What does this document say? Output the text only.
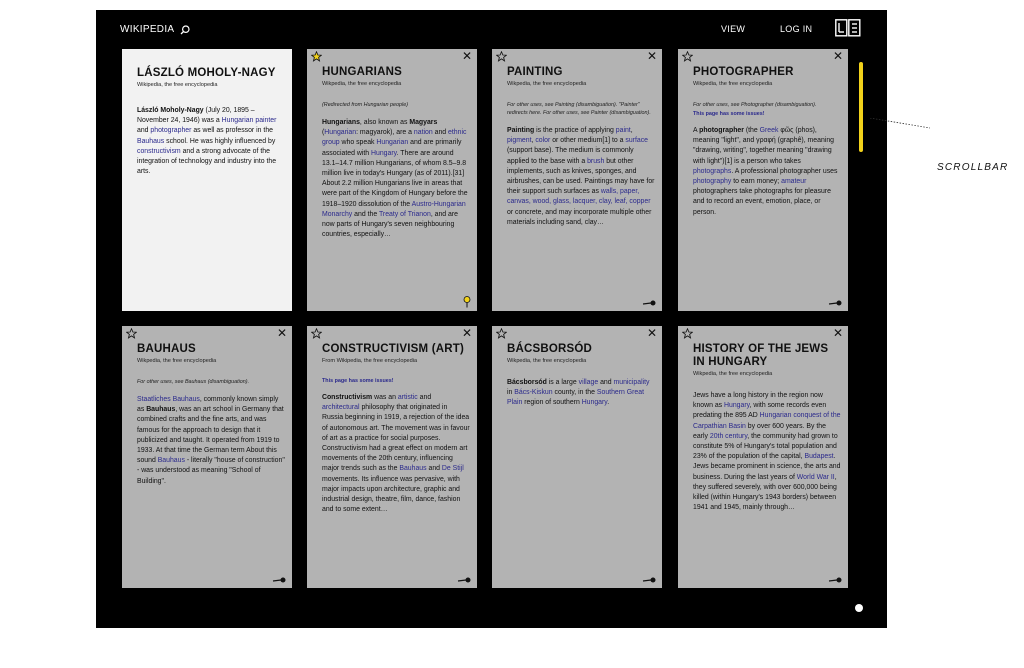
WIKIPEDIA	VIEW	LOG IN
LÁSZLÓ MOHOLY-NAGY
Wikipedia, the free encyclopedia
László Moholy-Nagy (July 20, 1895 – November 24, 1946) was a Hungarian painter and photographer as well as professor in the Bauhaus school. He was highly influenced by constructivism and a strong advocate of the integration of technology and industry into the arts.
✕
HUNGARIANS
Wikpedia, the free encyclopedia
(Redirected from Hungarian people)
Hungarians, also known as Magyars (Hungarian: magyarok), are a nation and ethnic group who speak Hungarian and are primarily associated with Hungary. There are around 13.1–14.7 million Hungarians, of whom 8.5–9.8 million live in today's Hungary (as of 2011).[31] About 2.2 million Hungarians live in areas that were part of the Kingdom of Hungary before the 1918–1920 dissolution of the Austro-Hungarian Monarchy and the Treaty of Trianon, and are now parts of Hungary's seven neighbouring countries, especially…
✕
PAINTING
Wikpedia, the free encyclopedia
For other uses, see Painting (disambiguation). "Painter" redirects here. For other uses, see Painter (disambiguation).
Painting is the practice of applying paint, pigment, color or other medium[1] to a surface (support base). The medium is commonly applied to the base with a brush but other implements, such as knives, sponges, and airbrushes, can be used. Paintings may have for their support such surfaces as walls, paper, canvas, wood, glass, lacquer, clay, leaf, copper or concrete, and may incorporate multiple other materials including sand, clay…
✕
PHOTOGRAPHER
Wikpedia, the free encyclopedia
For other uses, see Photographer (disambiguation).
This page has some issues!
A photographer (the Greek φῶς (phos), meaning "light", and γραφή (graphê), meaning "drawing, writing", together meaning "drawing with light")[1] is a person who takes photographs. A professional photographer uses photography to earn money; amateur photographers take photographs for pleasure and to record an event, emotion, place, or person.
✕
BAUHAUS
Wikpedia, the free encyclopedia
For other uses, see Bauhaus (disambiguation).
Staatliches Bauhaus, commonly known simply as Bauhaus, was an art school in Germany that combined crafts and the fine arts, and was famous for the approach to design that it publicized and taught. It operated from 1919 to 1933. At that time the German term About this sound Bauhaus - literally "house of construction" - was understood as meaning "School of Building".
✕
CONSTRUCTIVISM (ART)
From Wikipedia, the free encyclopedia
This page has some issues!
Constructivism was an artistic and architectural philosophy that originated in Russia beginning in 1919, a rejection of the idea of autonomous art. The movement was in favour of art as a practice for social purposes. Constructivism had a great effect on modern art movements of the 20th century, influencing major trends such as the Bauhaus and De Stijl movements. Its influence was pervasive, with major impacts upon architecture, graphic and industrial design, theatre, film, dance, fashion and to some extent…
✕
BÁCSBORSÓD
Wikpedia, the free encyclopedia
Bácsborsód is a large village and municipality in Bács-Kiskun county, in the Southern Great Plain region of southern Hungary.
✕
HISTORY OF THE JEWS IN HUNGARY
Wikpedia, the free encyclopedia
Jews have a long history in the region now known as Hungary, with some records even predating the 895 AD Hungarian conquest of the Carpathian Basin by over 600 years. By the early 20th century, the community had grown to constitute 5% of Hungary's total population and 23% of the population of the capital, Budapest. Jews became prominent in science, the arts and business. During the last years of World War II, they suffered severely, with over 600,000 being killed (within Hungary's 1943 borders) between 1941 and 1945, mainly through…
SCROLLBAR
